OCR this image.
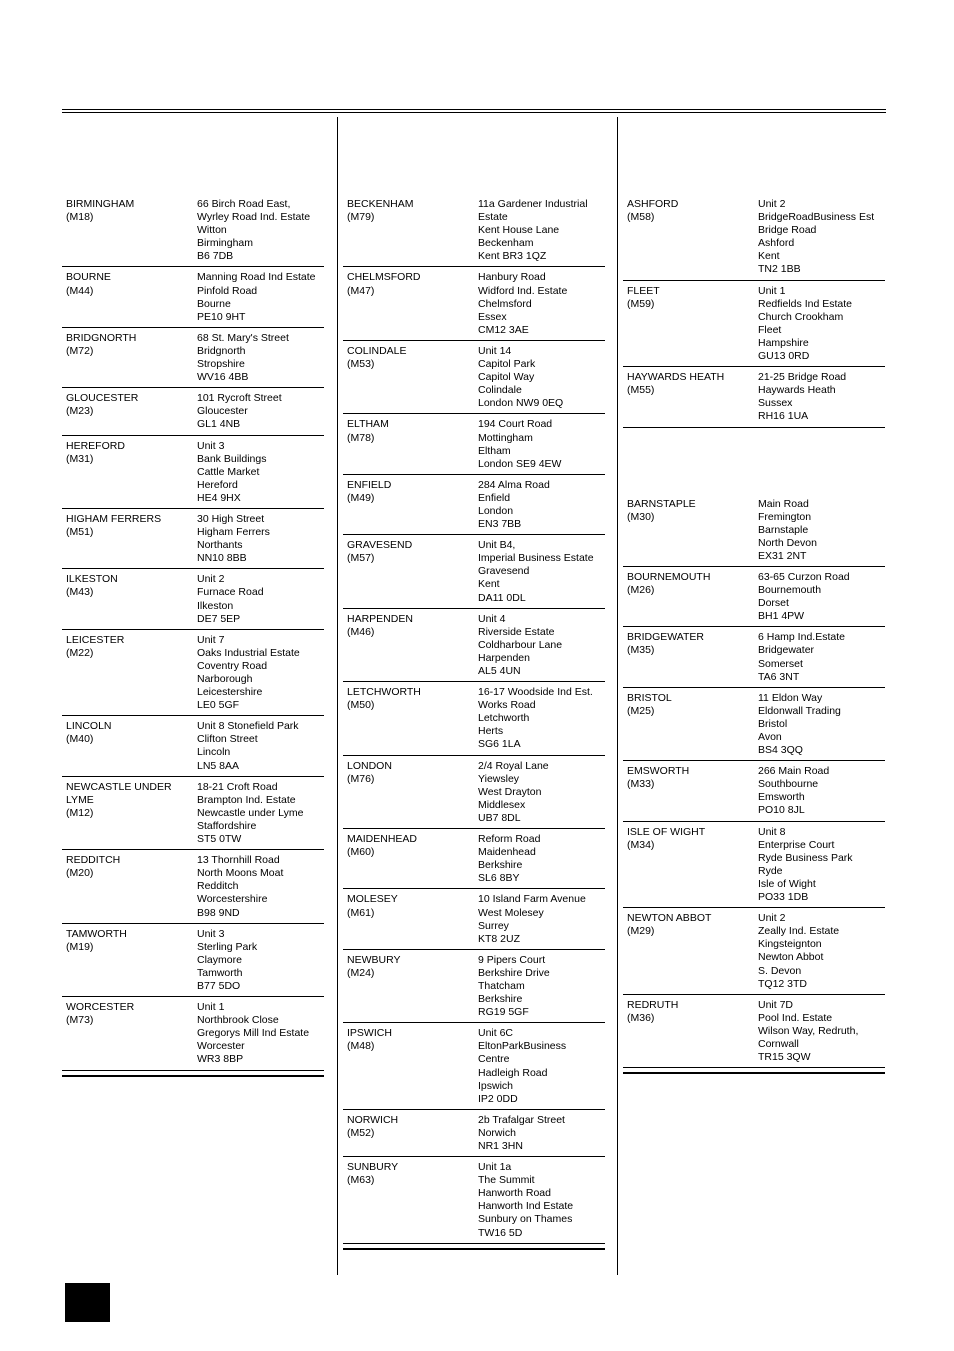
BIRMINGHAM
(M18)
66 Birch Road East,
Wyrley Road Ind. Estate
Witton
Birmingham
B6 7DB
BOURNE
(M44)
Manning Road Ind Estate
Pinfold Road
Bourne
PE10 9HT
BRIDGNORTH
(M72)
68 St. Mary's Street
Bridgnorth
Stropshire
WV16 4BB
GLOUCESTER
(M23)
101 Rycroft Street
Gloucester
GL1 4NB
HEREFORD
(M31)
Unit 3
Bank Buildings
Cattle Market
Hereford
HE4 9HX
HIGHAM FERRERS
(M51)
30 High Street
Higham Ferrers
Northants
NN10 8BB
ILKESTON
(M43)
Unit 2
Furnace Road
Ilkeston
DE7 5EP
LEICESTER
(M22)
Unit 7
Oaks Industrial Estate
Coventry Road
Narborough
Leicestershire
LE0 5GF
LINCOLN
(M40)
Unit 8 Stonefield Park
Clifton Street
Lincoln
LN5 8AA
NEWCASTLE UNDER
LYME
(M12)
18-21 Croft Road
Brampton Ind. Estate
Newcastle under Lyme
Staffordshire
ST5 0TW
REDDITCH
(M20)
13 Thornhill Road
North Moons Moat
Redditch
Worcestershire
B98 9ND
TAMWORTH
(M19)
Unit 3
Sterling Park
Claymore
Tamworth
B77 5DO
WORCESTER
(M73)
Unit 1
Northbrook Close
Gregorys Mill Ind Estate
Worcester
WR3 8BP
BECKENHAM
(M79)
11a Gardener Industrial
Estate
Kent House Lane
Beckenham
Kent BR3 1QZ
CHELMSFORD
(M47)
Hanbury Road
Widford Ind. Estate
Chelmsford
Essex
CM12 3AE
COLINDALE
(M53)
Unit 14
Capitol Park
Capitol Way
Colindale
London NW9 0EQ
ELTHAM
(M78)
194 Court Road
Mottingham
Eltham
London SE9 4EW
ENFIELD
(M49)
284 Alma Road
Enfield
London
EN3 7BB
GRAVESEND
(M57)
Unit B4,
Imperial Business Estate
Gravesend
Kent
DA11 0DL
HARPENDEN
(M46)
Unit 4
Riverside Estate
Coldharbour Lane
Harpenden
AL5 4UN
LETCHWORTH
(M50)
16-17 Woodside Ind Est.
Works Road
Letchworth
Herts
SG6 1LA
LONDON
(M76)
2/4 Royal Lane
Yiewsley
West Drayton
Middlesex
UB7 8DL
MAIDENHEAD
(M60)
Reform Road
Maidenhead
Berkshire
SL6 8BY
MOLESEY
(M61)
10 Island Farm Avenue
West Molesey
Surrey
KT8 2UZ
NEWBURY
(M24)
9 Pipers Court
Berkshire Drive
Thatcham
Berkshire
RG19 5GF
IPSWICH
(M48)
Unit 6C
EltonParkBusiness
Centre
Hadleigh Road
Ipswich
IP2 0DD
NORWICH
(M52)
2b Trafalgar Street
Norwich
NR1 3HN
SUNBURY
(M63)
Unit 1a
The Summit
Hanworth Road
Hanworth Ind Estate
Sunbury on Thames
TW16 5D
ASHFORD
(M58)
Unit 2
BridgeRoadBusiness Est
Bridge Road
Ashford
Kent
TN2 1BB
FLEET
(M59)
Unit 1
Redfields Ind Estate
Church Crookham
Fleet
Hampshire
GU13 0RD
HAYWARDS HEATH
(M55)
21-25 Bridge Road
Haywards Heath
Sussex
RH16 1UA
BARNSTAPLE
(M30)
Main Road
Fremington
Barnstaple
North Devon
EX31 2NT
BOURNEMOUTH
(M26)
63-65 Curzon Road
Bournemouth
Dorset
BH1 4PW
BRIDGEWATER
(M35)
6 Hamp Ind.Estate
Bridgewater
Somerset
TA6 3NT
BRISTOL
(M25)
11 Eldon Way
Eldonwall Trading
Bristol
Avon
BS4 3QQ
EMSWORTH
(M33)
266 Main Road
Southbourne
Emsworth
PO10 8JL
ISLE OF WIGHT
(M34)
Unit 8
Enterprise Court
Ryde Business Park
Ryde
Isle of Wight
PO33 1DB
NEWTON ABBOT
(M29)
Unit 2
Zeally Ind. Estate
Kingsteignton
Newton Abbot
S. Devon
TQ12 3TD
REDRUTH
(M36)
Unit 7D
Pool Ind. Estate
Wilson Way, Redruth,
Cornwall
TR15 3QW
